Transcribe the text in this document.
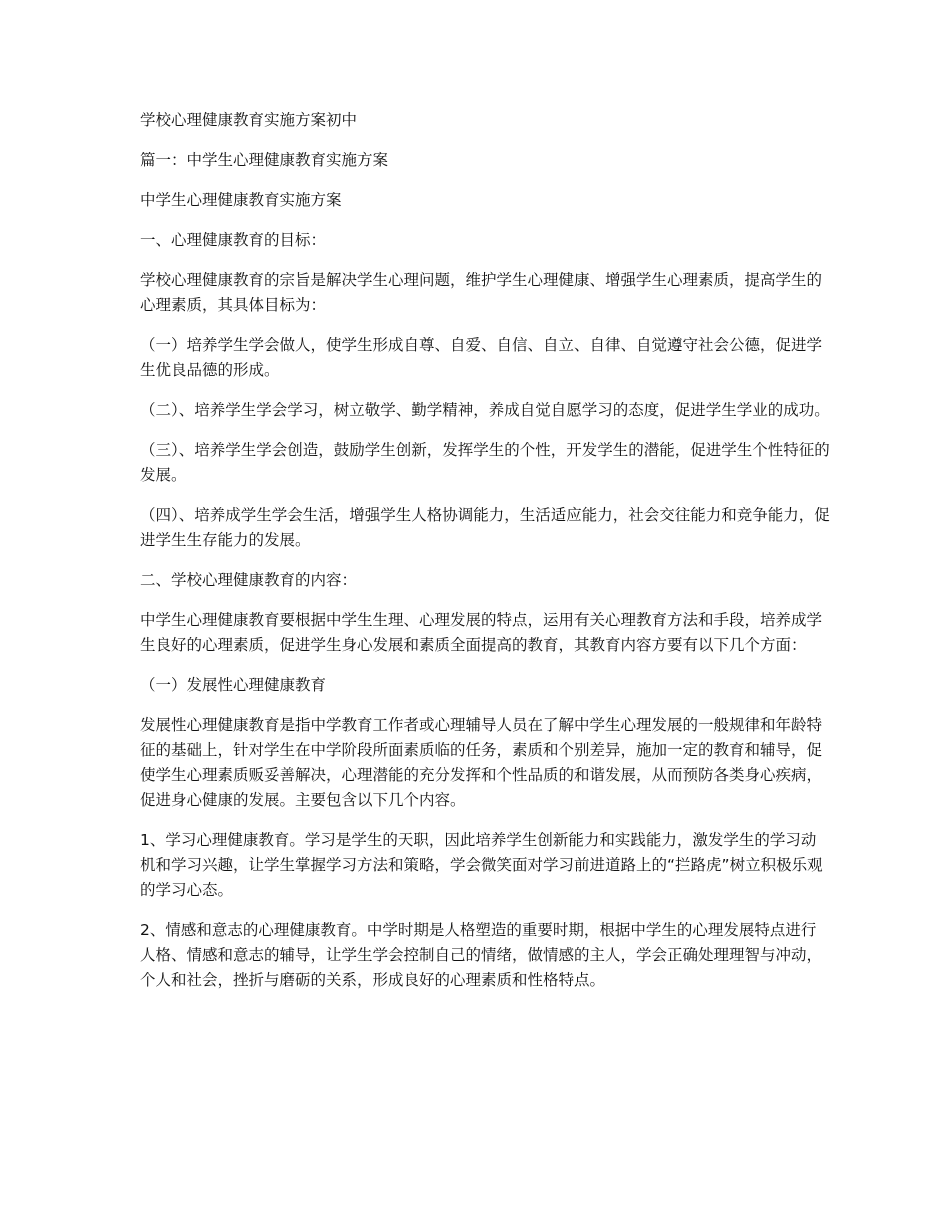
学校心理健康教育实施方案初中

篇一：中学生心理健康教育实施方案

中学生心理健康教育实施方案

一、心理健康教育的目标：

学校心理健康教育的宗旨是解决学生心理问题，维护学生心理健康、增强学生心理素质，提高学生的心理素质，其具体目标为：

（一）培养学生学会做人，使学生形成自尊、自爱、自信、自立、自律、自觉遵守社会公德，促进学生优良品德的形成。

（二）、培养学生学会学习，树立敬学、勤学精神，养成自觉自愿学习的态度，促进学生学业的成功。

（三）、培养学生学会创造，鼓励学生创新，发挥学生的个性，开发学生的潜能，促进学生个性特征的发展。

（四）、培养成学生学会生活，增强学生人格协调能力，生活适应能力，社会交往能力和竞争能力，促进学生生存能力的发展。

二、学校心理健康教育的内容：

中学生心理健康教育要根据中学生生理、心理发展的特点，运用有关心理教育方法和手段，培养成学生良好的心理素质，促进学生身心发展和素质全面提高的教育，其教育内容方要有以下几个方面：

（一）发展性心理健康教育

发展性心理健康教育是指中学教育工作者或心理辅导人员在了解中学生心理发展的一般规律和年龄特征的基础上，针对学生在中学阶段所面素质临的任务，素质和个别差异，施加一定的教育和辅导，促使学生心理素质贩妥善解决，心理潜能的充分发挥和个性品质的和谐发展，从而预防各类身心疾病，促进身心健康的发展。主要包含以下几个内容。

1、学习心理健康教育。学习是学生的天职，因此培养学生创新能力和实践能力，激发学生的学习动机和学习兴趣，让学生掌握学习方法和策略，学会微笑面对学习前进道路上的“拦路虎”树立积极乐观的学习心态。

2、情感和意志的心理健康教育。中学时期是人格塑造的重要时期，根据中学生的心理发展特点进行人格、情感和意志的辅导，让学生学会控制自己的情绪，做情感的主人，学会正确处理理智与冲动，个人和社会，挫折与磨砺的关系，形成良好的心理素质和性格特点。
